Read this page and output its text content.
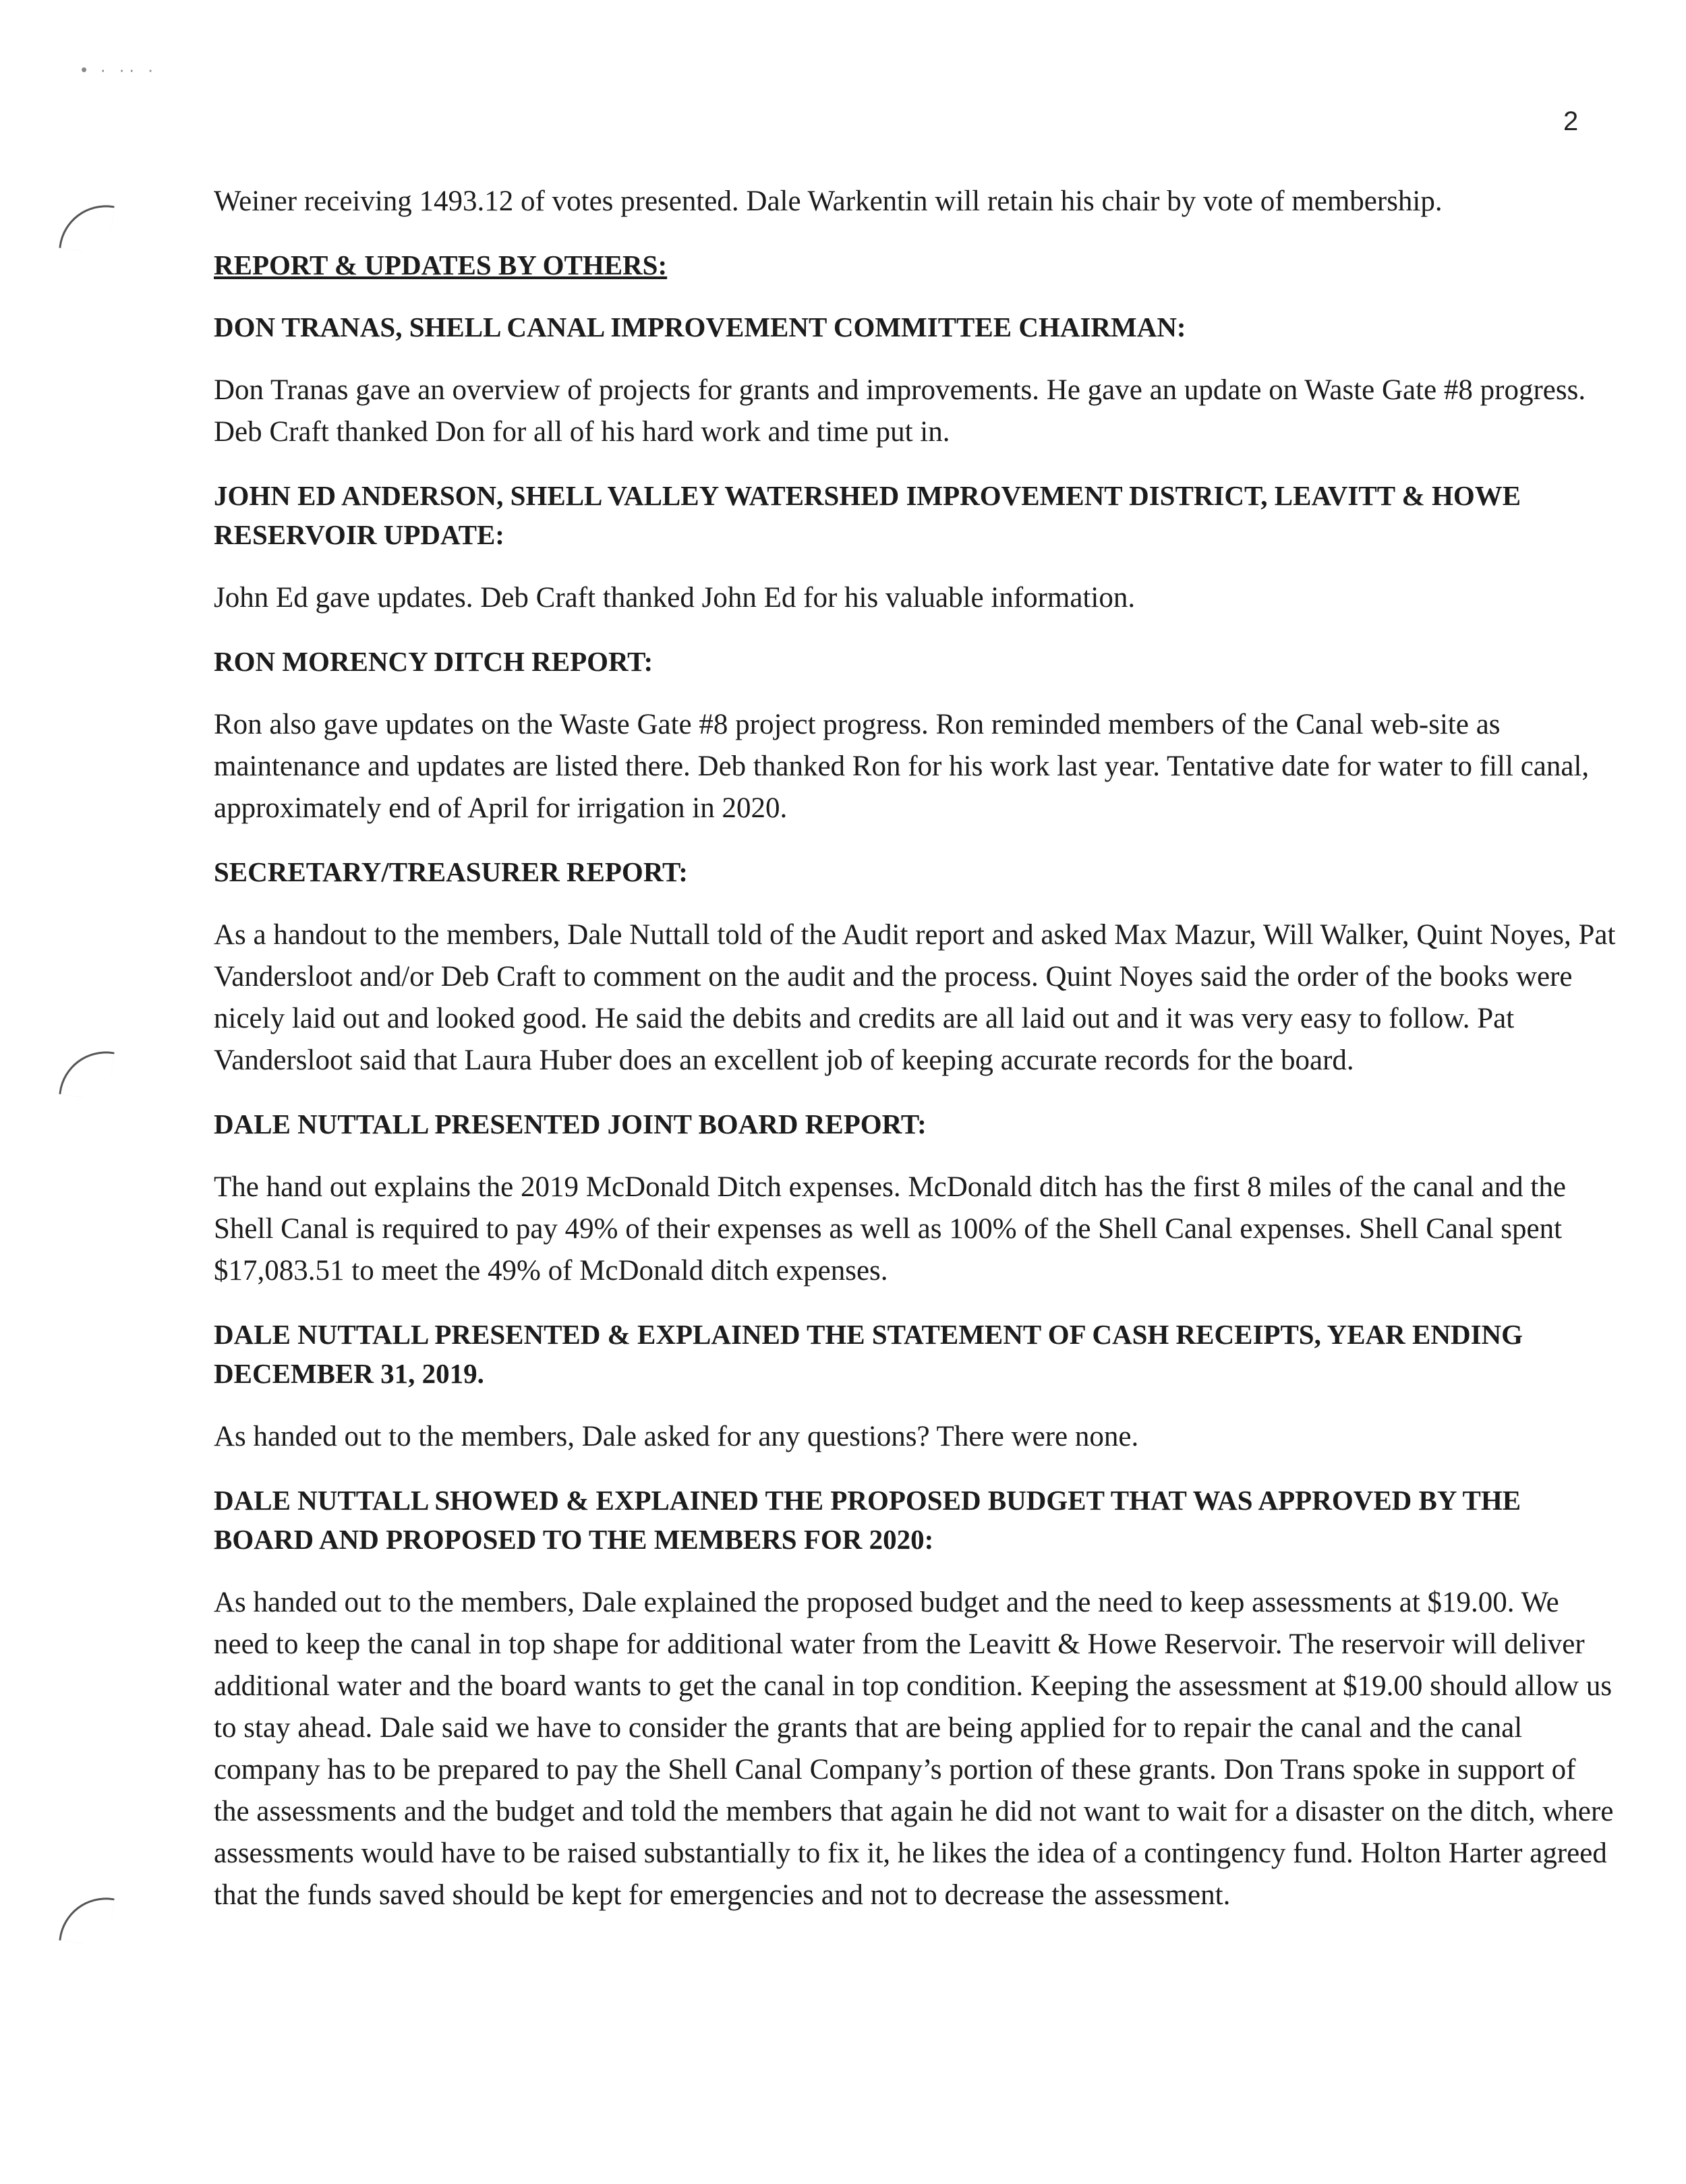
• · ·· ·
2

Weiner receiving 1493.12 of votes presented. Dale Warkentin will retain his chair by vote of membership.

REPORT & UPDATES BY OTHERS:
DON TRANAS, SHELL CANAL IMPROVEMENT COMMITTEE CHAIRMAN:

Don Tranas gave an overview of projects for grants and improvements. He gave an update on Waste Gate #8 progress. Deb Craft thanked Don for all of his hard work and time put in.

JOHN ED ANDERSON, SHELL VALLEY WATERSHED IMPROVEMENT DISTRICT, LEAVITT & HOWE RESERVOIR UPDATE:

John Ed gave updates. Deb Craft thanked John Ed for his valuable information.

RON MORENCY DITCH REPORT:

Ron also gave updates on the Waste Gate #8 project progress. Ron reminded members of the Canal web-site as maintenance and updates are listed there. Deb thanked Ron for his work last year. Tentative date for water to fill canal, approximately end of April for irrigation in 2020.

SECRETARY/TREASURER REPORT:

As a handout to the members, Dale Nuttall told of the Audit report and asked Max Mazur, Will Walker, Quint Noyes, Pat Vandersloot and/or Deb Craft to comment on the audit and the process. Quint Noyes said the order of the books were nicely laid out and looked good. He said the debits and credits are all laid out and it was very easy to follow. Pat Vandersloot said that Laura Huber does an excellent job of keeping accurate records for the board.

DALE NUTTALL PRESENTED JOINT BOARD REPORT:

The hand out explains the 2019 McDonald Ditch expenses. McDonald ditch has the first 8 miles of the canal and the Shell Canal is required to pay 49% of their expenses as well as 100% of the Shell Canal expenses. Shell Canal spent $17,083.51 to meet the 49% of McDonald ditch expenses.

DALE NUTTALL PRESENTED & EXPLAINED THE STATEMENT OF CASH RECEIPTS, YEAR ENDING DECEMBER 31, 2019.

As handed out to the members, Dale asked for any questions? There were none.

DALE NUTTALL SHOWED & EXPLAINED THE PROPOSED BUDGET THAT WAS APPROVED BY THE BOARD AND PROPOSED TO THE MEMBERS FOR 2020:

As handed out to the members, Dale explained the proposed budget and the need to keep assessments at $19.00. We need to keep the canal in top shape for additional water from the Leavitt & Howe Reservoir. The reservoir will deliver additional water and the board wants to get the canal in top condition. Keeping the assessment at $19.00 should allow us to stay ahead. Dale said we have to consider the grants that are being applied for to repair the canal and the canal company has to be prepared to pay the Shell Canal Company’s portion of these grants. Don Trans spoke in support of the assessments and the budget and told the members that again he did not want to wait for a disaster on the ditch, where assessments would have to be raised substantially to fix it, he likes the idea of a contingency fund. Holton Harter agreed that the funds saved should be kept for emergencies and not to decrease the assessment.
